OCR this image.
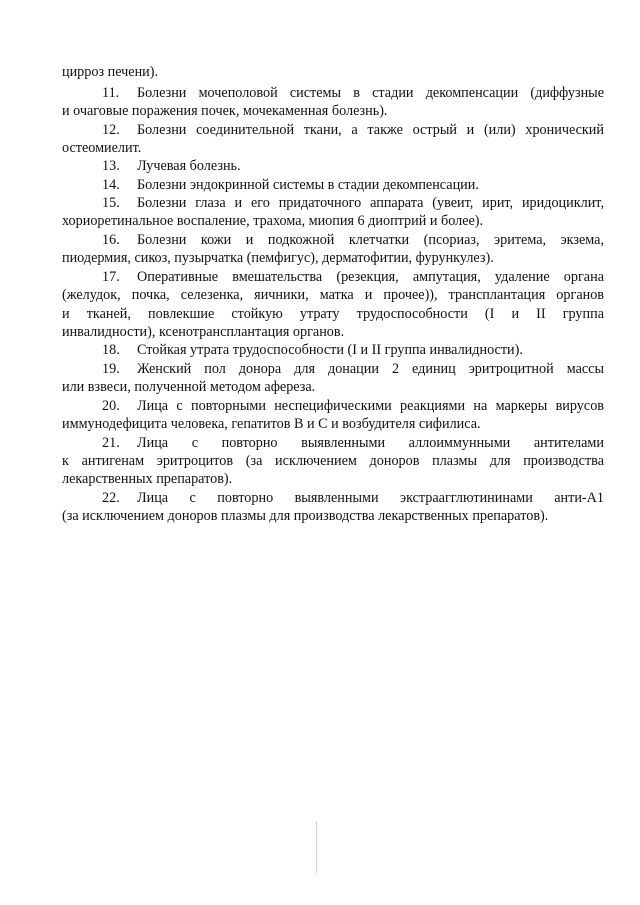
цирроз печени).
11. Болезни мочеполовой системы в стадии декомпенсации (диффузные
и очаговые поражения почек, мочекаменная болезнь).
12. Болезни соединительной ткани, а также острый и (или) хронический
остеомиелит.
13. Лучевая болезнь.
14. Болезни эндокринной системы в стадии декомпенсации.
15. Болезни глаза и его придаточного аппарата (увеит, ирит, иридоциклит,
хориоретинальное воспаление, трахома, миопия 6 диоптрий и более).
16. Болезни кожи и подкожной клетчатки (псориаз, эритема, экзема,
пиодермия, сикоз, пузырчатка (пемфигус), дерматофитии, фурункулез).
17. Оперативные вмешательства (резекция, ампутация, удаление органа
(желудок, почка, селезенка, яичники, матка и прочее)), трансплантация органов
и тканей, повлекшие стойкую утрату трудоспособности (I и II группа
инвалидности), ксенотрансплантация органов.
18. Стойкая утрата трудоспособности (I и II группа инвалидности).
19. Женский пол донора для донации 2 единиц эритроцитной массы
или взвеси, полученной методом афереза.
20. Лица с повторными неспецифическими реакциями на маркеры вирусов
иммунодефицита человека, гепатитов В и С и возбудителя сифилиса.
21. Лица с повторно выявленными аллоиммунными антителами
к антигенам эритроцитов (за исключением доноров плазмы для производства
лекарственных препаратов).
22. Лица с повторно выявленными экстраагглютининами анти-А1
(за исключением доноров плазмы для производства лекарственных препаратов).
